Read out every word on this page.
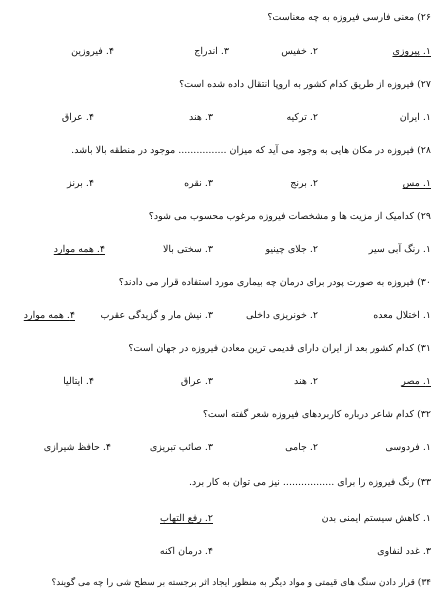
۲۶) معنی فارسی فیروزه به چه معناست؟

۱. پیروزی
۲. خفیس
۳. اندراج
۴. فیروزین

۲۷) فیروزه از طریق کدام کشور به اروپا انتقال داده شده است؟

۱. ایران
۲. ترکیه
۳. هند
۴. عراق

۲۸) فیروزه در مکان هایی به وجود می آید که میزان ................ موجود در منطقه بالا باشد.

۱. مس
۲. برنج
۳. نقره
۴. برنز

۲۹) کدامیک از مزیت ها و مشخصات فیروزه مرغوب محسوب می شود؟

۱. رنگ آبی سیر
۲. جلای چینیو
۳. سختی بالا
۴. همه موارد

۳۰) فیروزه به صورت پودر برای درمان چه بیماری مورد استفاده قرار می دادند؟

۱. اختلال معده
۲. خونریزی داخلی
۳. نیش مار و گزیدگی عقرب
۴. همه موارد

۳۱) کدام کشور بعد از ایران دارای قدیمی ترین معادن فیروزه در جهان است؟

۱. مصر
۲. هند
۳. عراق
۴. ایتالیا

۳۲) کدام شاعر درباره کاربردهای فیروزه شعر گفته است؟

۱. فردوسی
۲. جامی
۳. صائب تبریزی
۴. حافظ شیرازی

۳۳) رنگ فیروزه را برای ................. نیز می توان به کار برد.

۱. کاهش سیستم ایمنی بدن
۲. رفع التهاب
۳. غدد لنفاوی
۴. درمان اکنه

۳۴) قرار دادن سنگ های قیمتی و مواد دیگر به منظور ایجاد اثر برجسته بر سطح شی را چه می گویند؟
